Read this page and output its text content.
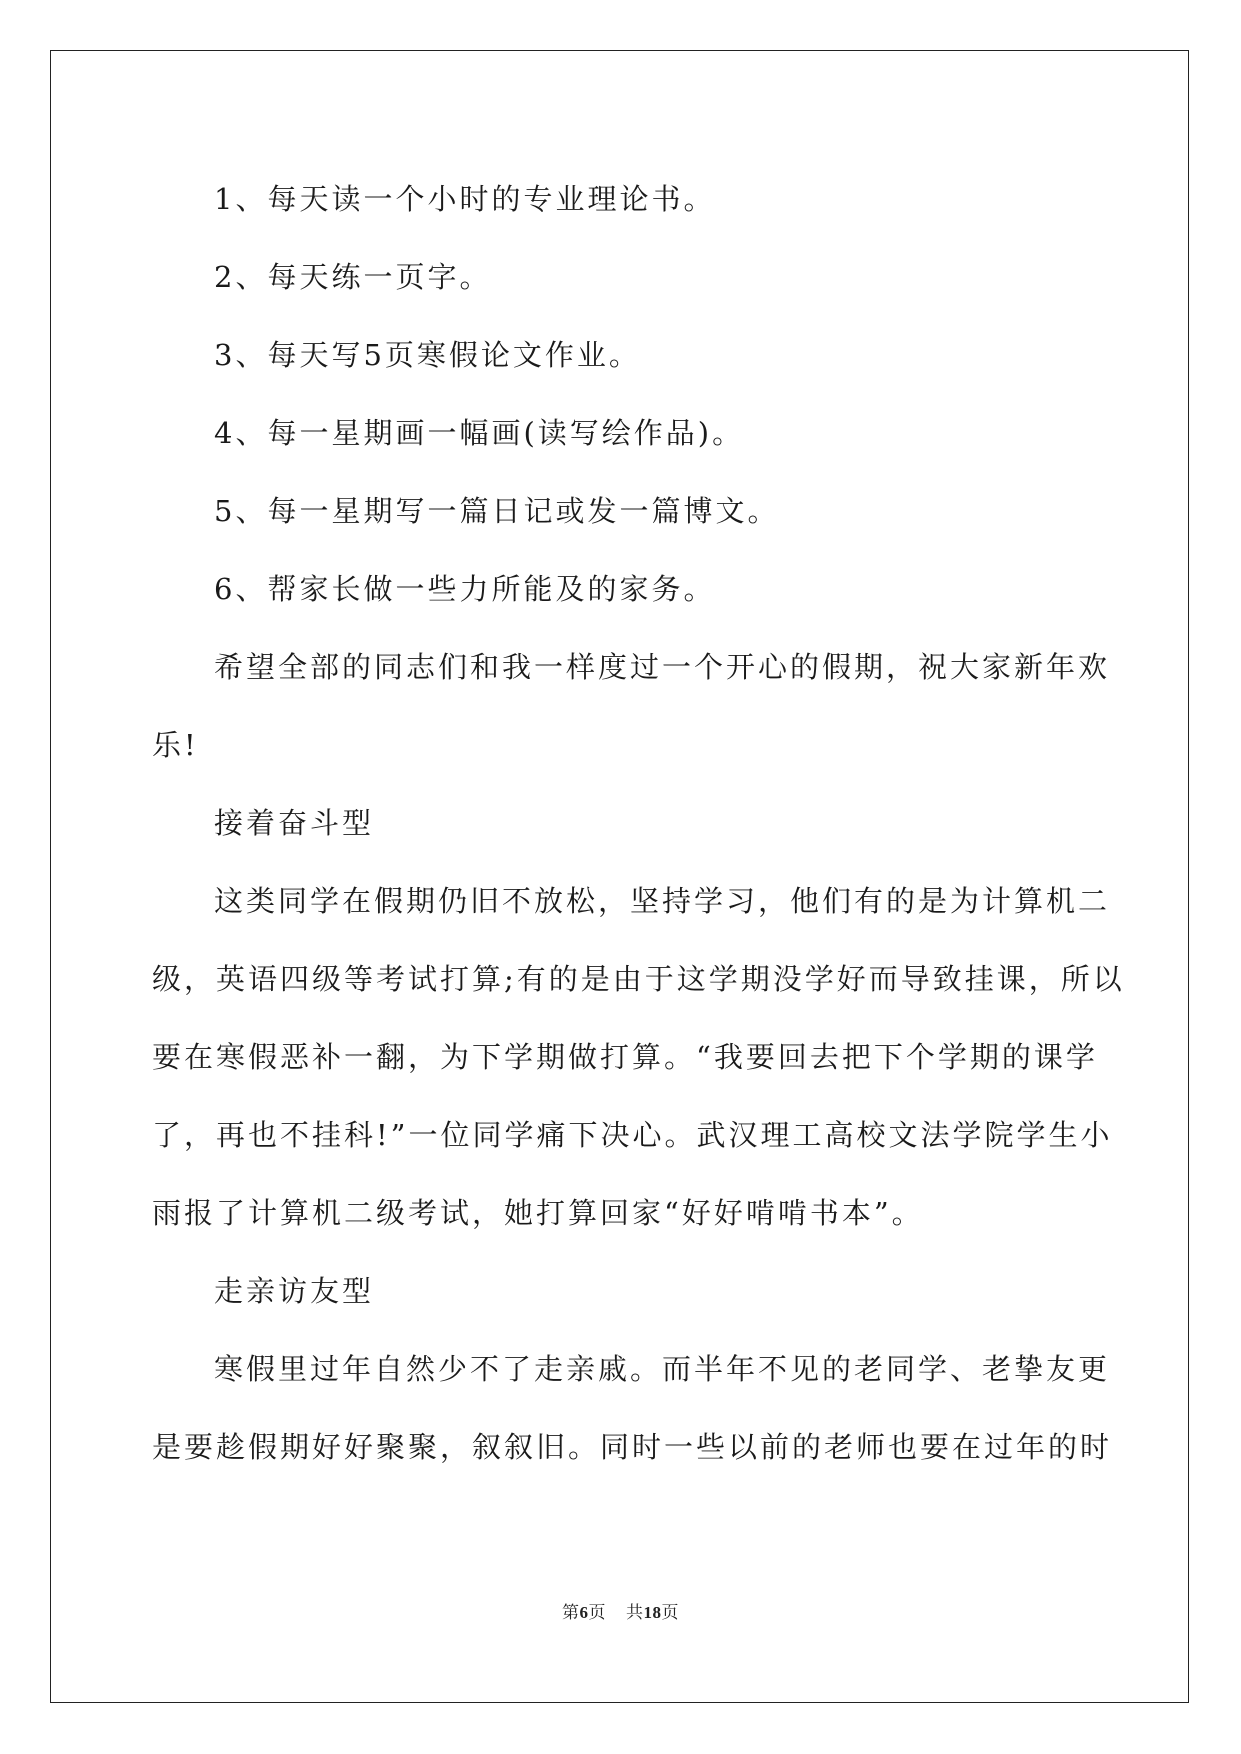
1、每天读一个小时的专业理论书。
2、每天练一页字。
3、每天写5页寒假论文作业。
4、每一星期画一幅画(读写绘作品)。
5、每一星期写一篇日记或发一篇博文。
6、帮家长做一些力所能及的家务。
希望全部的同志们和我一样度过一个开心的假期，祝大家新年欢
乐!
接着奋斗型
这类同学在假期仍旧不放松，坚持学习，他们有的是为计算机二
级，英语四级等考试打算;有的是由于这学期没学好而导致挂课，所以
要在寒假恶补一翻，为下学期做打算。“我要回去把下个学期的课学
了，再也不挂科!”一位同学痛下决心。武汉理工高校文法学院学生小
雨报了计算机二级考试，她打算回家“好好啃啃书本”。
走亲访友型
寒假里过年自然少不了走亲戚。而半年不见的老同学、老挚友更
是要趁假期好好聚聚，叙叙旧。同时一些以前的老师也要在过年的时
第6页 共18页
